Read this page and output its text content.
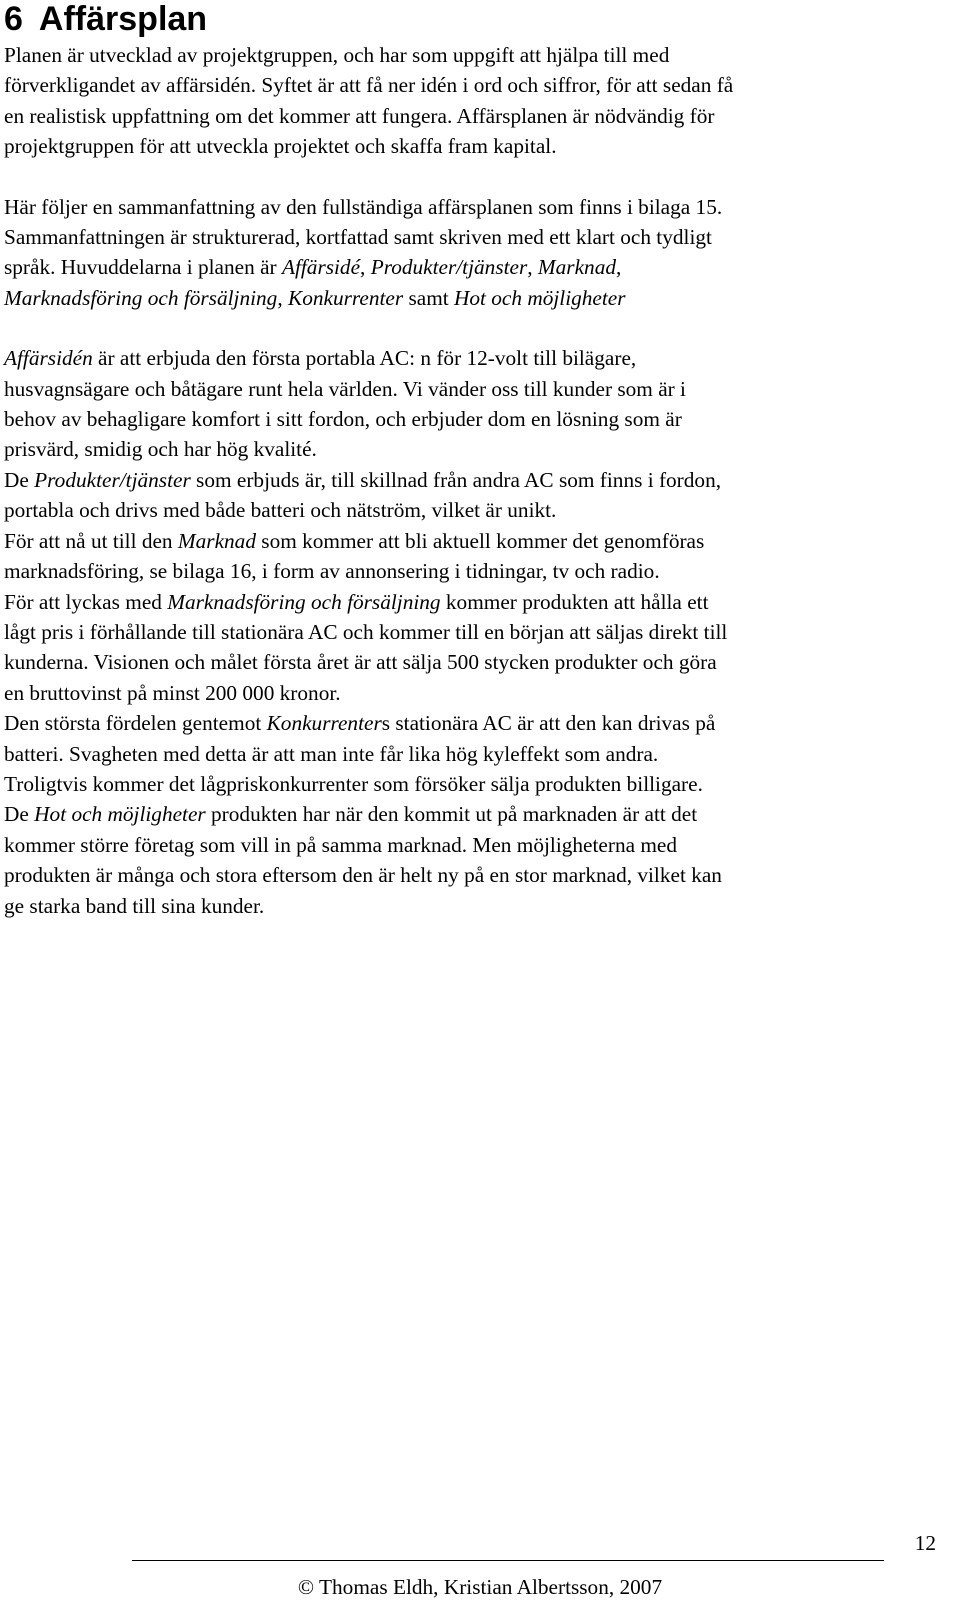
6 Affärsplan

Planen är utvecklad av projektgruppen, och har som uppgift att hjälpa till med

förverkligandet av affärsidén. Syftet är att få ner idén i ord och siffror, för att sedan få

en realistisk uppfattning om det kommer att fungera. Affärsplanen är nödvändig för

projektgruppen för att utveckla projektet och skaffa fram kapital.

Här följer en sammanfattning av den fullständiga affärsplanen som finns i bilaga 15.

Sammanfattningen är strukturerad, kortfattad samt skriven med ett klart och tydligt

språk. Huvuddelarna i planen är Affärsidé, Produkter/tjänster, Marknad,

Marknadsföring och försäljning, Konkurrenter samt Hot och möjligheter

Affärsidén är att erbjuda den första portabla AC: n för 12-volt till bilägare,

husvagnsägare och båtägare runt hela världen. Vi vänder oss till kunder som är i

behov av behagligare komfort i sitt fordon, och erbjuder dom en lösning som är

prisvärd, smidig och har hög kvalité.

De Produkter/tjänster som erbjuds är, till skillnad från andra AC som finns i fordon,

portabla och drivs med både batteri och nätström, vilket är unikt.

För att nå ut till den Marknad som kommer att bli aktuell kommer det genomföras

marknadsföring, se bilaga 16, i form av annonsering i tidningar, tv och radio.

För att lyckas med Marknadsföring och försäljning kommer produkten att hålla ett

lågt pris i förhållande till stationära AC och kommer till en början att säljas direkt till

kunderna. Visionen och målet första året är att sälja 500 stycken produkter och göra

en bruttovinst på minst 200 000 kronor.

Den största fördelen gentemot Konkurrenters stationära AC är att den kan drivas på

batteri. Svagheten med detta är att man inte får lika hög kyleffekt som andra.

Troligtvis kommer det lågpriskonkurrenter som försöker sälja produkten billigare.

De Hot och möjligheter produkten har när den kommit ut på marknaden är att det

kommer större företag som vill in på samma marknad. Men möjligheterna med

produkten är många och stora eftersom den är helt ny på en stor marknad, vilket kan

ge starka band till sina kunder.

12
© Thomas Eldh, Kristian Albertsson, 2007
